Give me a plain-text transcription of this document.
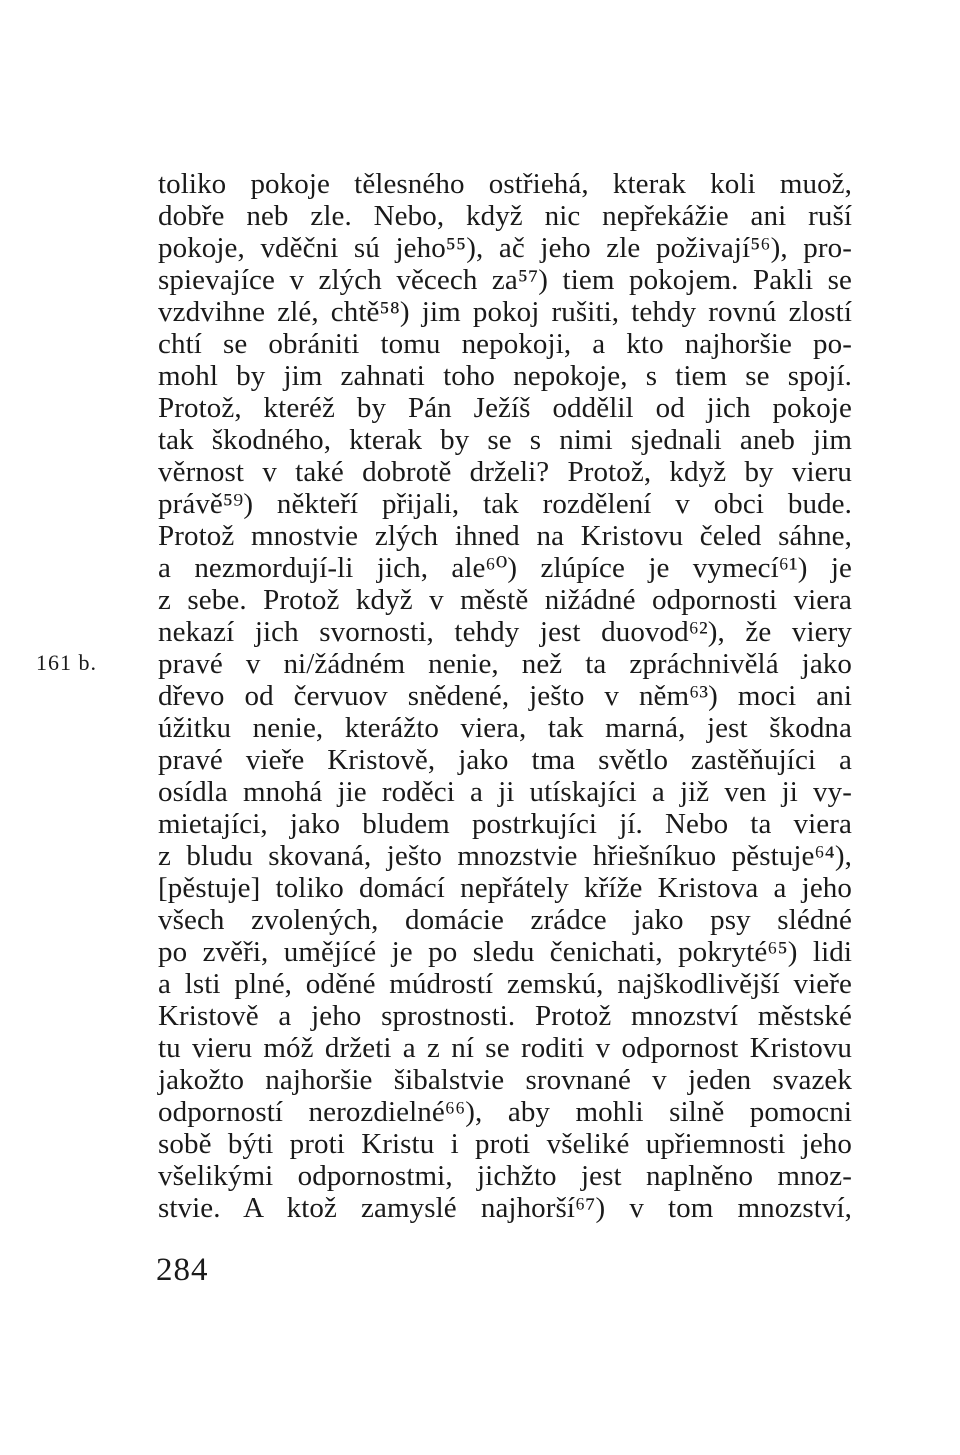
161 b.
toliko pokoje tělesného ostřiehá, kterak koli muož,
dobře neb zle. Nebo, když nic nepřekážie ani ruší
pokoje, vděčni sú jeho⁵⁵), ač jeho zle poživají⁵⁶), pro-
spievajíce v zlých věcech za⁵⁷) tiem pokojem. Pakli se
vzdvihne zlé, chtě⁵⁸) jim pokoj rušiti, tehdy rovnú zlostí
chtí se obrániti tomu nepokoji, a kto najhoršie po-
mohl by jim zahnati toho nepokoje, s tiem se spojí.
Protož, kteréž by Pán Ježíš oddělil od jich pokoje
tak škodného, kterak by se s nimi sjednali aneb jim
věrnost v také dobrotě drželi? Protož, když by vieru
právě⁵⁹) někteří přijali, tak rozdělení v obci bude.
Protož mnostvie zlých ihned na Kristovu čeled sáhne,
a nezmordují-li jich, ale⁶⁰) zlúpíce je vymecí⁶¹) je
z sebe. Protož když v městě nižádné odpornosti viera
nekazí jich svornosti, tehdy jest duovod⁶²), že viery
pravé v ni/žádném nenie, než ta zpráchnivělá jako
dřevo od červuov snědené, ješto v něm⁶³) moci ani
úžitku nenie, kterážto viera, tak marná, jest škodna
pravé vieře Kristově, jako tma světlo zastěňujíci a
osídla mnohá jie roděci a ji utískajíci a již ven ji vy-
mietajíci, jako bludem postrkujíci jí. Nebo ta viera
z bludu skovaná, ješto mnozstvie hřiešníkuo pěstuje⁶⁴),
[pěstuje] toliko domácí nepřátely kříže Kristova a jeho
všech zvolených, domácie zrádce jako psy slédné
po zvěři, umějícé je po sledu čenichati, pokryté⁶⁵) lidi
a lsti plné, oděné múdrostí zemskú, najškodlivější vieře
Kristově a jeho sprostnosti. Protož mnozství městské
tu vieru móž držeti a z ní se roditi v odpornost Kristovu
jakožto najhoršie šibalstvie srovnané v jeden svazek
odporností nerozdielné⁶⁶), aby mohli silně pomocni
sobě býti proti Kristu i proti všeliké upřiemnosti jeho
všelikými odpornostmi, jichžto jest naplněno mnoz-
stvie. A ktož zamyslé najhorší⁶⁷) v tom mnozství,
284
